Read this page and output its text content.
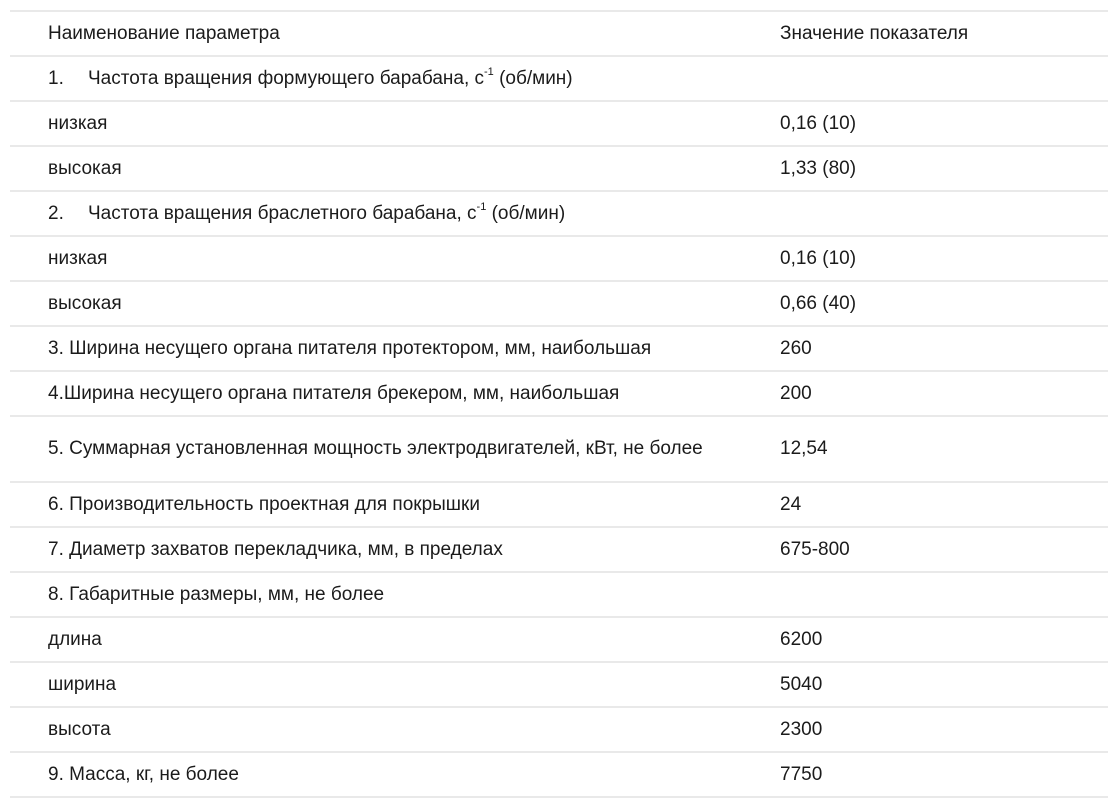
Наименование параметра	Значение показателя
1. Частота вращения формующего барабана, $с^{-1}$ (об/мин)	
низкая	0,16 (10)
высокая	1,33 (80)
2. Частота вращения браслетного барабана, $с^{-1}$ (об/мин)	
низкая	0,16 (10)
высокая	0,66 (40)
3. Ширина несущего органа питателя протектором, мм, наибольшая	260
4.Ширина несущего органа питателя брекером, мм, наибольшая	200
5. Суммарная установленная мощность электродвигателей, кВт, не более	12,54
6. Производительность проектная для покрышки	24
7. Диаметр захватов перекладчика, мм, в пределах	675-800
8. Габаритные размеры, мм, не более	
длина	6200
ширина	5040
высота	2300
9. Масса, кг, не более	7750
